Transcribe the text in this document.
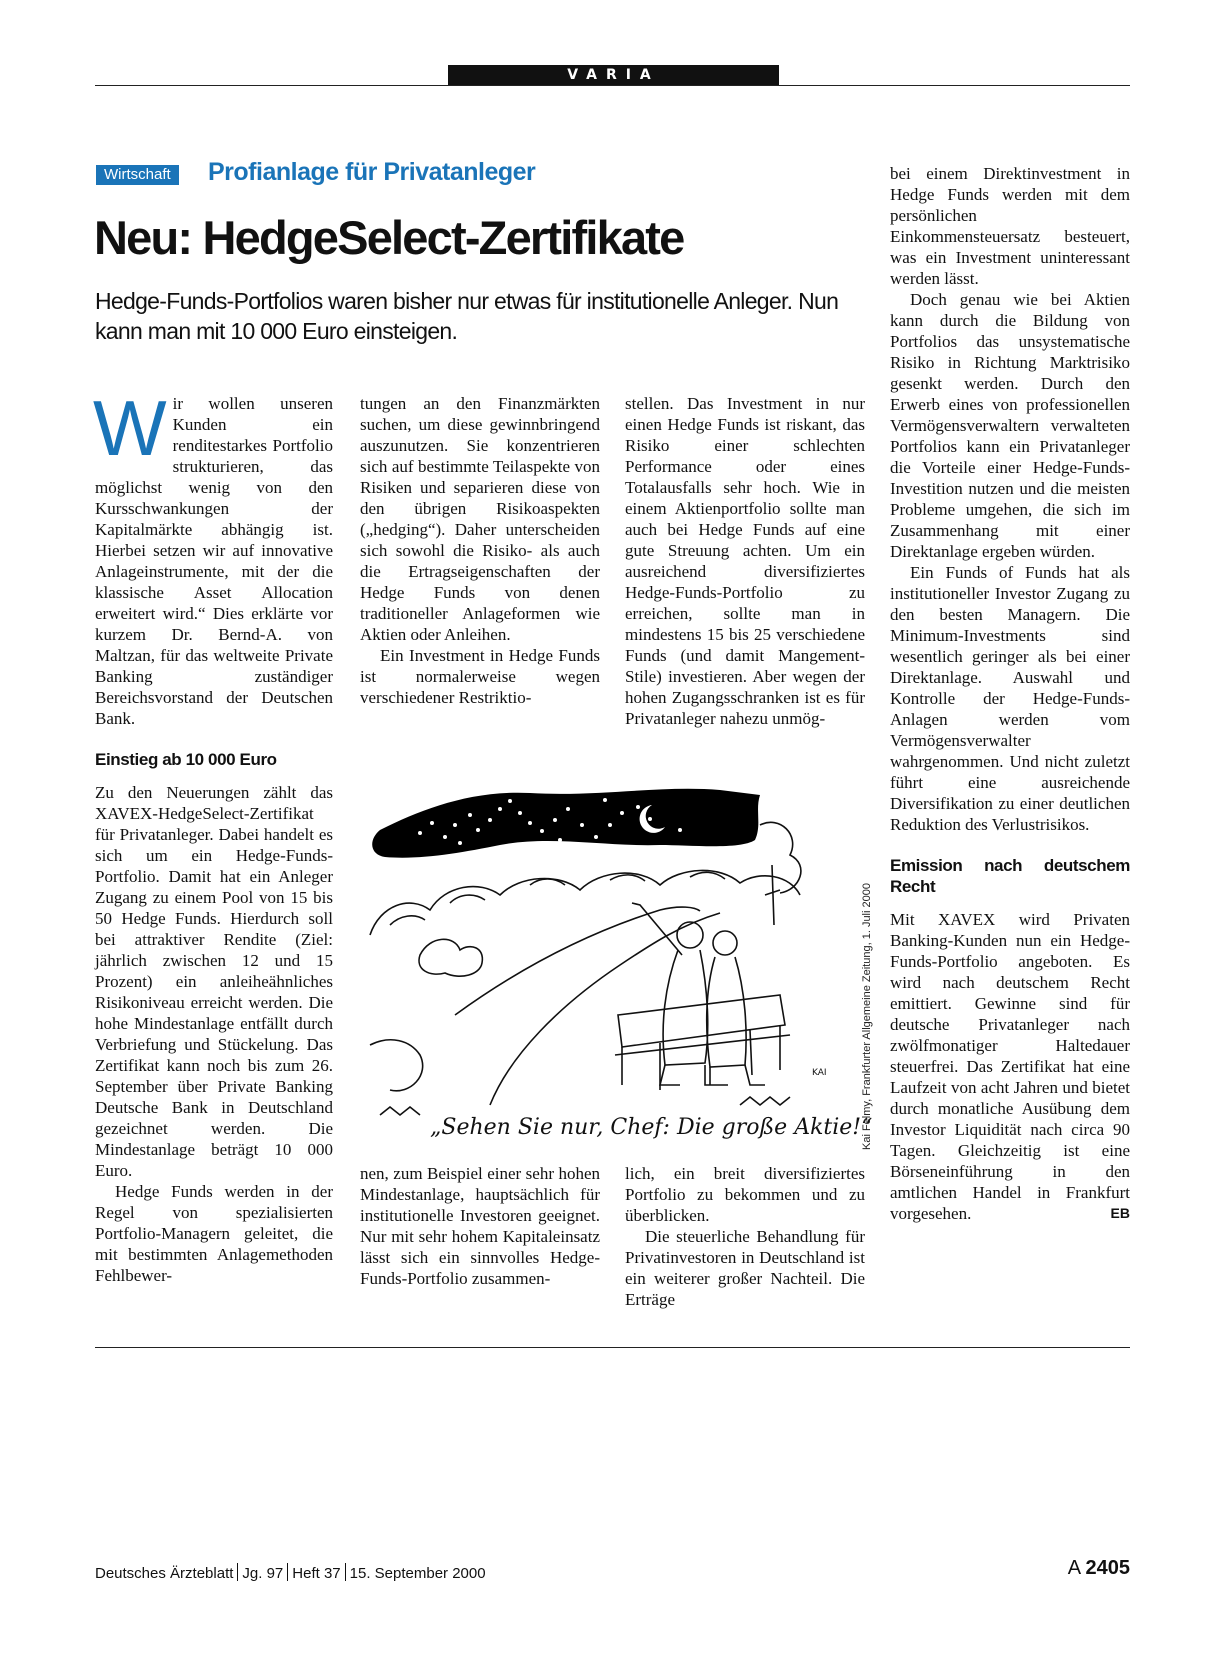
VARIA
Wirtschaft	Profianlage für Privatanleger
Neu: HedgeSelect-Zertifikate
Hedge-Funds-Portfolios waren bisher nur etwas für institutionelle Anleger. Nun kann man mit 10 000 Euro einsteigen.

Wir wollen unseren Kunden ein renditestarkes Portfolio strukturieren, das möglichst wenig von den Kursschwankungen der Kapitalmärkte abhängig ist. Hierbei setzen wir auf innovative Anlageinstrumente, mit der die klassische Asset Allocation erweitert wird.“ Dies erklärte vor kurzem Dr. Bernd-A. von Maltzan, für das weltweite Private Banking zuständiger Bereichsvorstand der Deutschen Bank.

Einstieg ab 10 000 Euro

Zu den Neuerungen zählt das XAVEX-HedgeSelect-Zertifikat für Privatanleger. Dabei handelt es sich um ein Hedge-Funds-Portfolio. Damit hat ein Anleger Zugang zu einem Pool von 15 bis 50 Hedge Funds. Hierdurch soll bei attraktiver Rendite (Ziel: jährlich zwischen 12 und 15 Prozent) ein anleiheähnliches Risikoniveau erreicht werden. Die hohe Mindestanlage entfällt durch Verbriefung und Stückelung. Das Zertifikat kann noch bis zum 26. September über Private Banking Deutsche Bank in Deutschland gezeichnet werden. Die Mindestanlage beträgt 10 000 Euro.

Hedge Funds werden in der Regel von spezialisierten Portfolio-Managern geleitet, die mit bestimmten Anlagemethoden Fehlbewer-

tungen an den Finanzmärkten suchen, um diese gewinnbringend auszunutzen. Sie konzentrieren sich auf bestimmte Teilaspekte von Risiken und separieren diese von den übrigen Risikoaspekten („hedging“). Daher unterscheiden sich sowohl die Risiko- als auch die Ertragseigenschaften der Hedge Funds von denen traditioneller Anlageformen wie Aktien oder Anleihen.

Ein Investment in Hedge Funds ist normalerweise wegen verschiedener Restriktio-

stellen. Das Investment in nur einen Hedge Funds ist riskant, das Risiko einer schlechten Performance oder eines Totalausfalls sehr hoch. Wie in einem Aktienportfolio sollte man auch bei Hedge Funds auf eine gute Streuung achten. Um ein ausreichend diversifiziertes Hedge-Funds-Portfolio zu erreichen, sollte man in mindestens 15 bis 25 verschiedene Funds (und damit Mangement-Stile) investieren. Aber wegen der hohen Zugangsschranken ist es für Privatanleger nahezu unmög-

KAI
„Sehen Sie nur, Chef: Die große Aktie!“
Kai Felmy, Frankfurter Allgemeine Zeitung, 1. Juli 2000

nen, zum Beispiel einer sehr hohen Mindestanlage, hauptsächlich für institutionelle Investoren geeignet. Nur mit sehr hohem Kapitaleinsatz lässt sich ein sinnvolles Hedge-Funds-Portfolio zusammen-

lich, ein breit diversifiziertes Portfolio zu bekommen und zu überblicken.

Die steuerliche Behandlung für Privatinvestoren in Deutschland ist ein weiterer großer Nachteil. Die Erträge

bei einem Direktinvestment in Hedge Funds werden mit dem persönlichen Einkommensteuersatz besteuert, was ein Investment uninteressant werden lässt.

Doch genau wie bei Aktien kann durch die Bildung von Portfolios das unsystematische Risiko in Richtung Marktrisiko gesenkt werden. Durch den Erwerb eines von professionellen Vermögensverwaltern verwalteten Portfolios kann ein Privatanleger die Vorteile einer Hedge-Funds-Investition nutzen und die meisten Probleme umgehen, die sich im Zusammenhang mit einer Direktanlage ergeben würden.

Ein Funds of Funds hat als institutioneller Investor Zugang zu den besten Managern. Die Minimum-Investments sind wesentlich geringer als bei einer Direktanlage. Auswahl und Kontrolle der Hedge-Funds-Anlagen werden vom Vermögensverwalter wahrgenommen. Und nicht zuletzt führt eine ausreichende Diversifikation zu einer deutlichen Reduktion des Verlustrisikos.

Emission nach deutschem Recht

Mit XAVEX wird Privaten Banking-Kunden nun ein Hedge-Funds-Portfolio angeboten. Es wird nach deutschem Recht emittiert. Gewinne sind für deutsche Privatanleger nach zwölfmonatiger Haltedauer steuerfrei. Das Zertifikat hat eine Laufzeit von acht Jahren und bietet durch monatliche Ausübung dem Investor Liquidität nach circa 90 Tagen. Gleichzeitig ist eine Börseneinführung in den amtlichen Handel in Frankfurt vorgesehen.	EB

Deutsches Ärzteblatt Jg. 97 Heft 37 15. September 2000	A 2405
